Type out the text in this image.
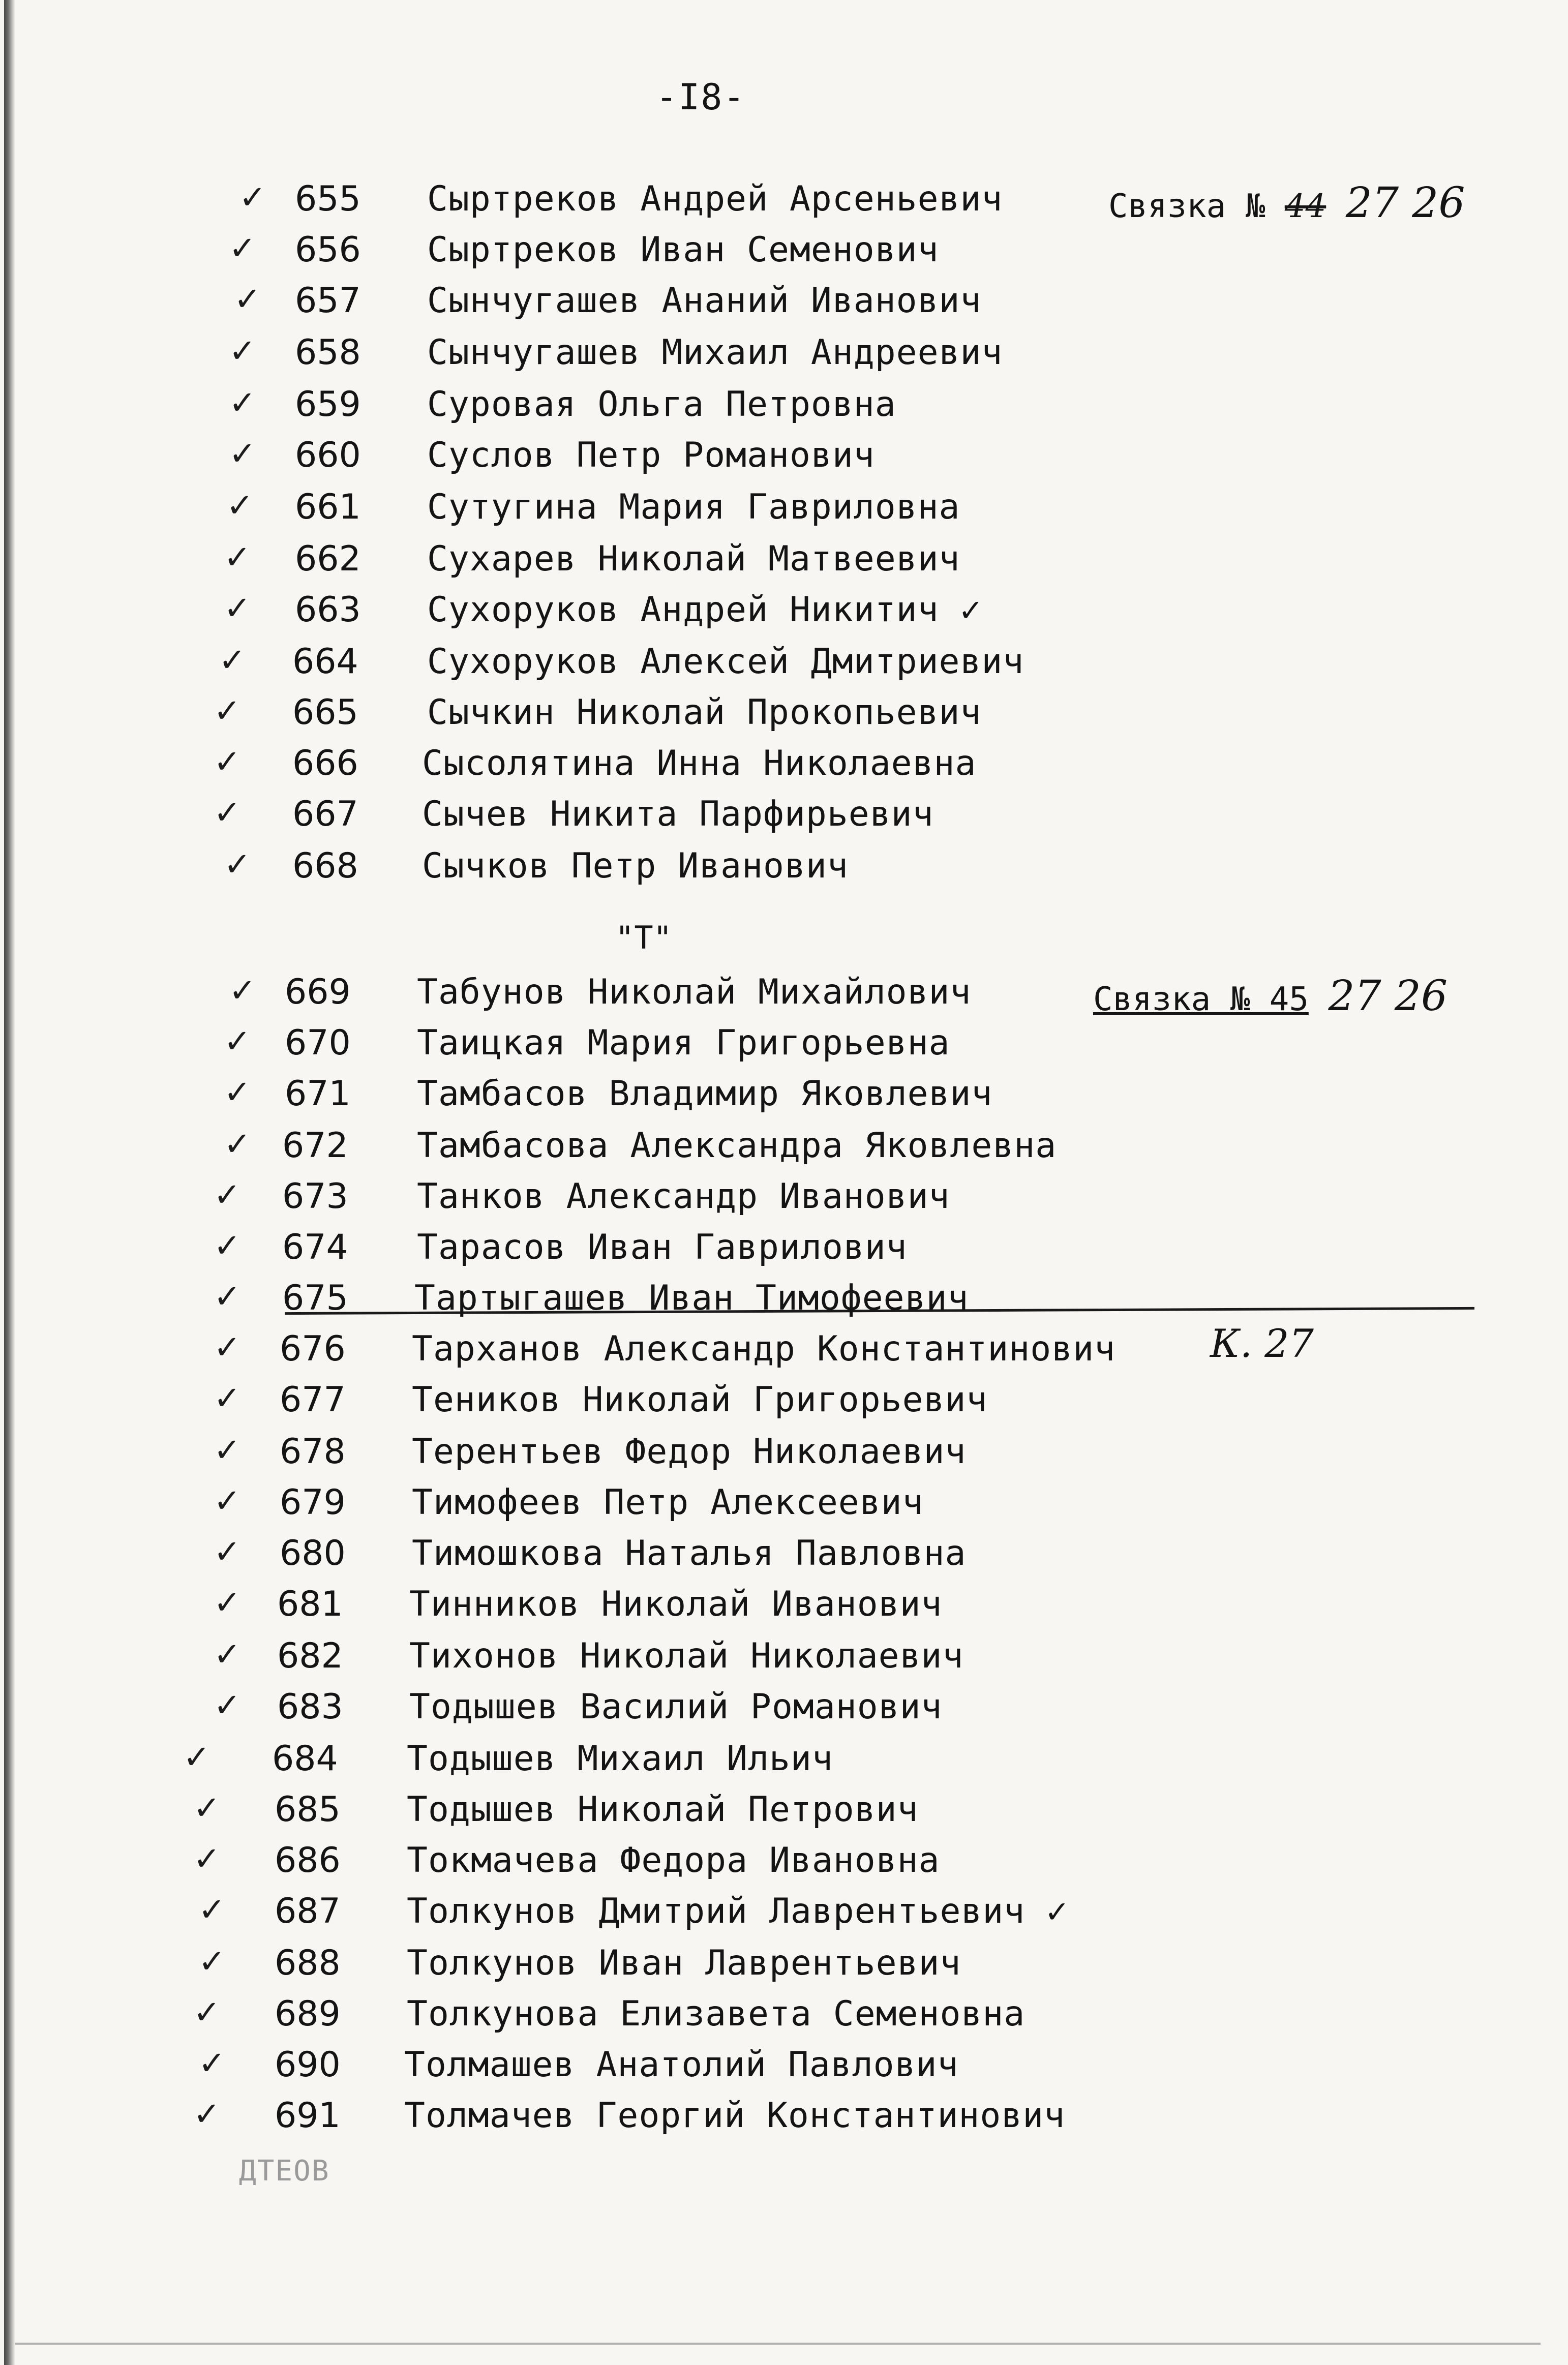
-I8-
Связка № 44 27 26
"Т"
Связка № 45 27 26
К. 27
✓ 655 Сыртреков Андрей Арсеньевич
✓ 656 Сыртреков Иван Семенович
✓ 657 Сынчугашев Ананий Иванович
✓ 658 Сынчугашев Михаил Андреевич
✓ 659 Суровая Ольга Петровна
✓ 660 Суслов Петр Романович
✓ 661 Сутугина Мария Гавриловна
✓ 662 Сухарев Николай Матвеевич
✓ 663 Сухоруков Андрей Никитич ✓
✓ 664 Сухоруков Алексей Дмитриевич
✓ 665 Сычкин Николай Прокопьевич
✓ 666 Сысолятина Инна Николаевна
✓ 667 Сычев Никита Парфирьевич
✓ 668 Сычков Петр Иванович
✓ 669 Табунов Николай Михайлович
✓ 670 Таицкая Мария Григорьевна
✓ 671 Тамбасов Владимир Яковлевич
✓ 672 Тамбасова Александра Яковлевна
✓ 673 Танков Александр Иванович
✓ 674 Тарасов Иван Гаврилович
✓ 675 Тартыгашев Иван Тимофеевич
✓ 676 Тарханов Александр Константинович
✓ 677 Теников Николай Григорьевич
✓ 678 Терентьев Федор Николаевич
✓ 679 Тимофеев Петр Алексеевич
✓ 680 Тимошкова Наталья Павловна
✓ 681 Тинников Николай Иванович
✓ 682 Тихонов Николай Николаевич
✓ 683 Тодышев Василий Романович
✓ 684 Тодышев Михаил Ильич
✓ 685 Тодышев Николай Петрович
✓ 686 Токмачева Федора Ивановна
✓ 687 Толкунов Дмитрий Лаврентьевич ✓
✓ 688 Толкунов Иван Лаврентьевич
✓ 689 Толкунова Елизавета Семеновна
✓ 690 Толмашев Анатолий Павлович
✓ 691 Толмачев Георгий Константинович
ДТЕОВ
